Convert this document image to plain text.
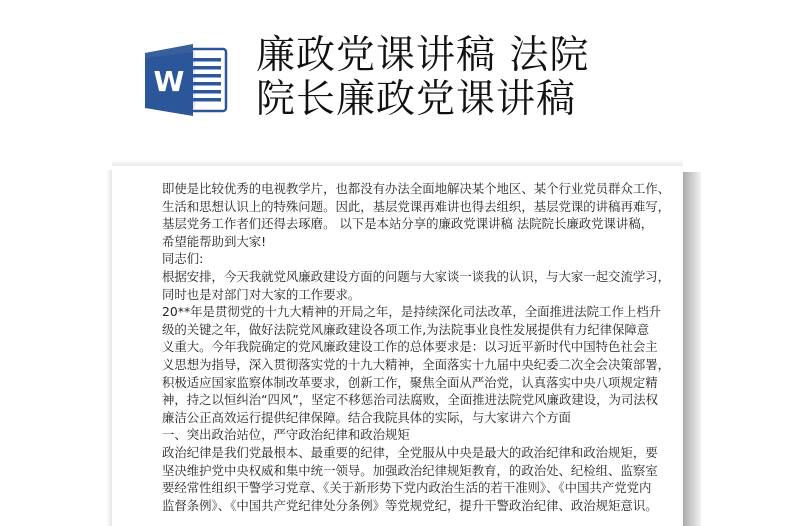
W
廉政党课讲稿 法院
院长廉政党课讲稿
即使是比较优秀的电视教学片，也都没有办法全面地解决某个地区、某个行业党员群众工作、
生活和思想认识上的特殊问题。因此，基层党课再难讲也得去组织，基层党课的讲稿再难写，
基层党务工作者们还得去琢磨。 以下是本站分享的廉政党课讲稿 法院院长廉政党课讲稿，
希望能帮助到大家!
同志们:
根据安排，今天我就党风廉政建设方面的问题与大家谈一谈我的认识，与大家一起交流学习，
同时也是对部门对大家的工作要求。
20**年是贯彻党的十九大精神的开局之年，是持续深化司法改革，全面推进法院工作上档升
级的关键之年，做好法院党风廉政建设各项工作,为法院事业良性发展提供有力纪律保障意
义重大。今年我院确定的党风廉政建设工作的总体要求是：以习近平新时代中国特色社会主
义思想为指导，深入贯彻落实党的十九大精神，全面落实十九届中央纪委二次全会决策部署，
积极适应国家监察体制改革要求，创新工作，聚焦全面从严治党，认真落实中央八项规定精
神，持之以恒纠治“四风”，坚定不移惩治司法腐败，全面推进法院党风廉政建设，为司法权
廉洁公正高效运行提供纪律保障。结合我院具体的实际，与大家讲六个方面
一、突出政治站位，严守政治纪律和政治规矩
政治纪律是我们党最根本、最重要的纪律，全党服从中央是最大的政治纪律和政治规矩，要
坚决维护党中央权威和集中统一领导。加强政治纪律规矩教育，的政治处、纪检组、监察室
要经常性组织干警学习党章、《关于新形势下党内政治生活的若干准则》、《中国共产党党内
监督条例》、《中国共产党纪律处分条例》等党规党纪，提升干警政治纪律、政治规矩意识。
